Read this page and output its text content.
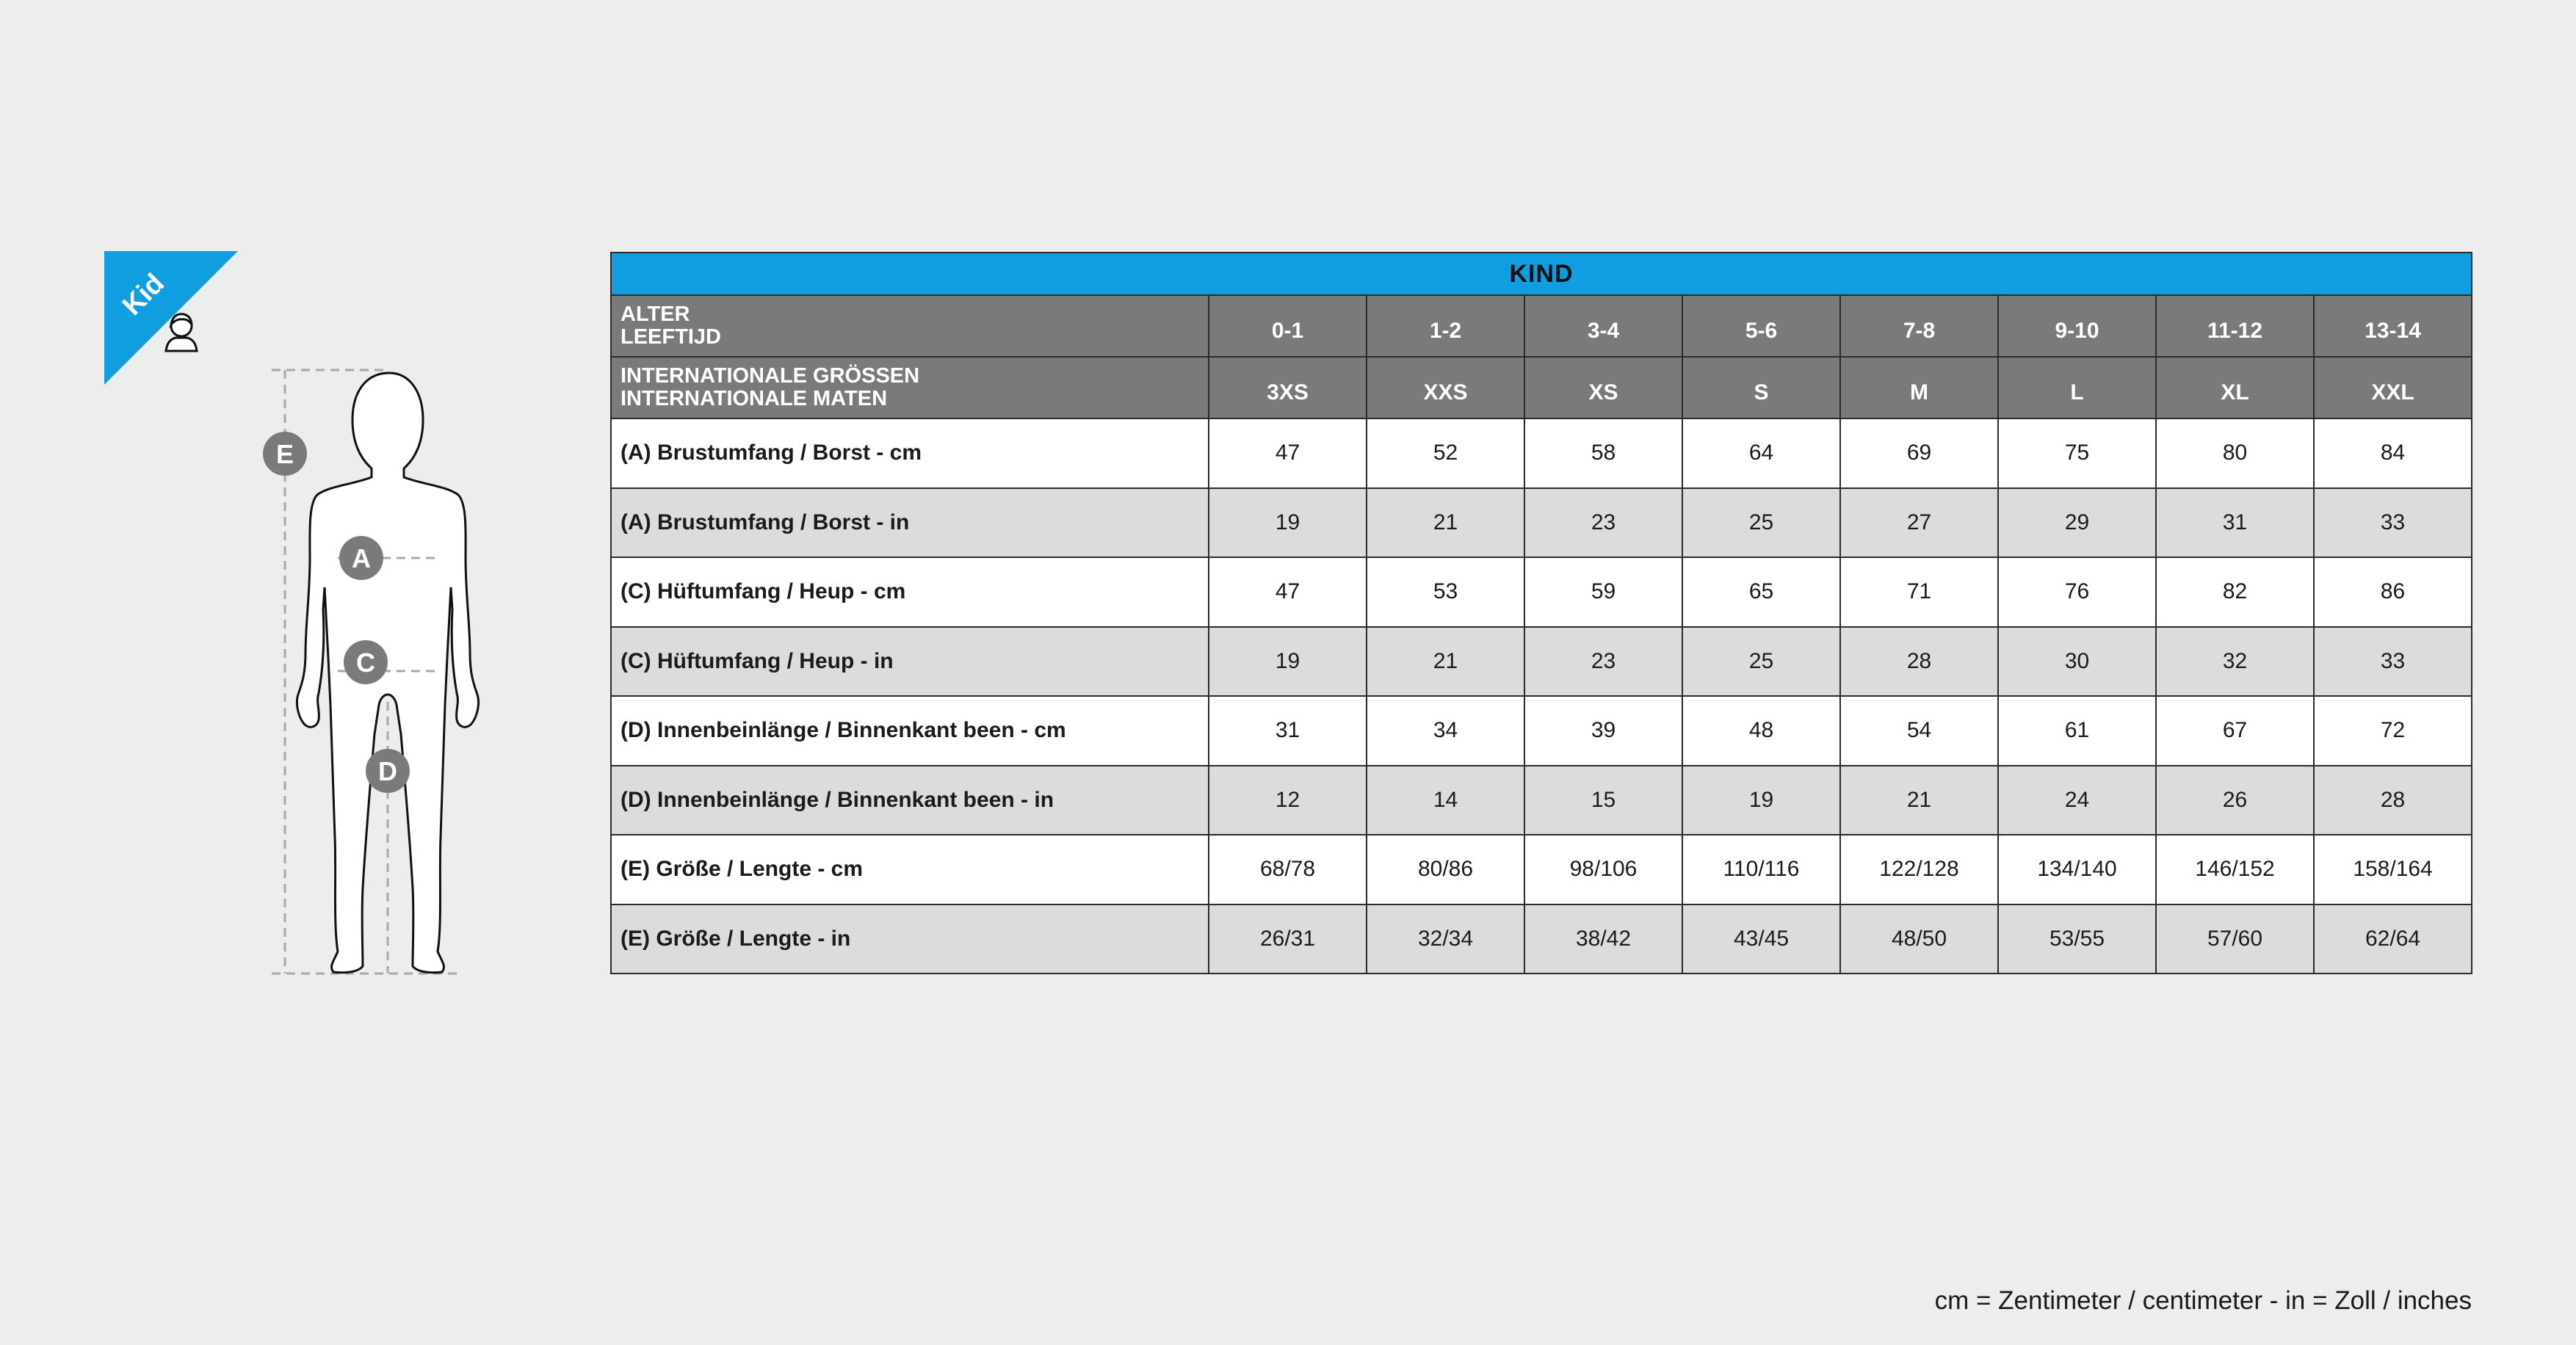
Kid
E
A
C
D
KIND								

ALTER
LEEFTIJD	0-1	1-2	3-4	5-6	7-8	9-10	11-12	13-14

INTERNATIONALE GRÖSSEN
INTERNATIONALE MATEN	3XS	XXS	XS	S	M	L	XL	XXL
(A) Brustumfang / Borst - cm	47	52	58	64	69	75	80	84
(A) Brustumfang / Borst - in	19	21	23	25	27	29	31	33
(C) Hüftumfang / Heup - cm	47	53	59	65	71	76	82	86
(C) Hüftumfang / Heup - in	19	21	23	25	28	30	32	33
(D) Innenbeinlänge / Binnenkant been - cm	31	34	39	48	54	61	67	72
(D) Innenbeinlänge / Binnenkant been - in	12	14	15	19	21	24	26	28
(E) Größe / Lengte - cm	68/78	80/86	98/106	110/116	122/128	134/140	146/152	158/164
(E) Größe / Lengte - in	26/31	32/34	38/42	43/45	48/50	53/55	57/60	62/64
cm = Zentimeter / centimeter - in = Zoll / inches
